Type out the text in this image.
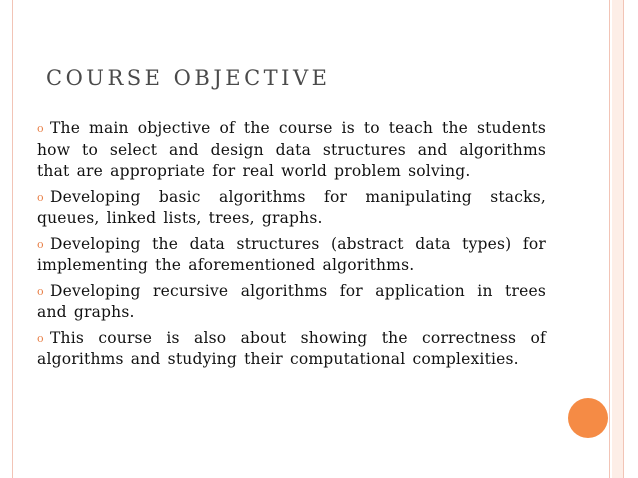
COURSE OBJECTIVE

o The main objective of the course is to teach the students how to select and design data structures and algorithms that are appropriate for real world problem solving.

o Developing basic algorithms for manipulating stacks, queues, linked lists, trees, graphs.

o Developing the data structures (abstract data types) for implementing the aforementioned algorithms.

o Developing recursive algorithms for application in trees and graphs.

o This course is also about showing the correctness of algorithms and studying their computational complexities.
